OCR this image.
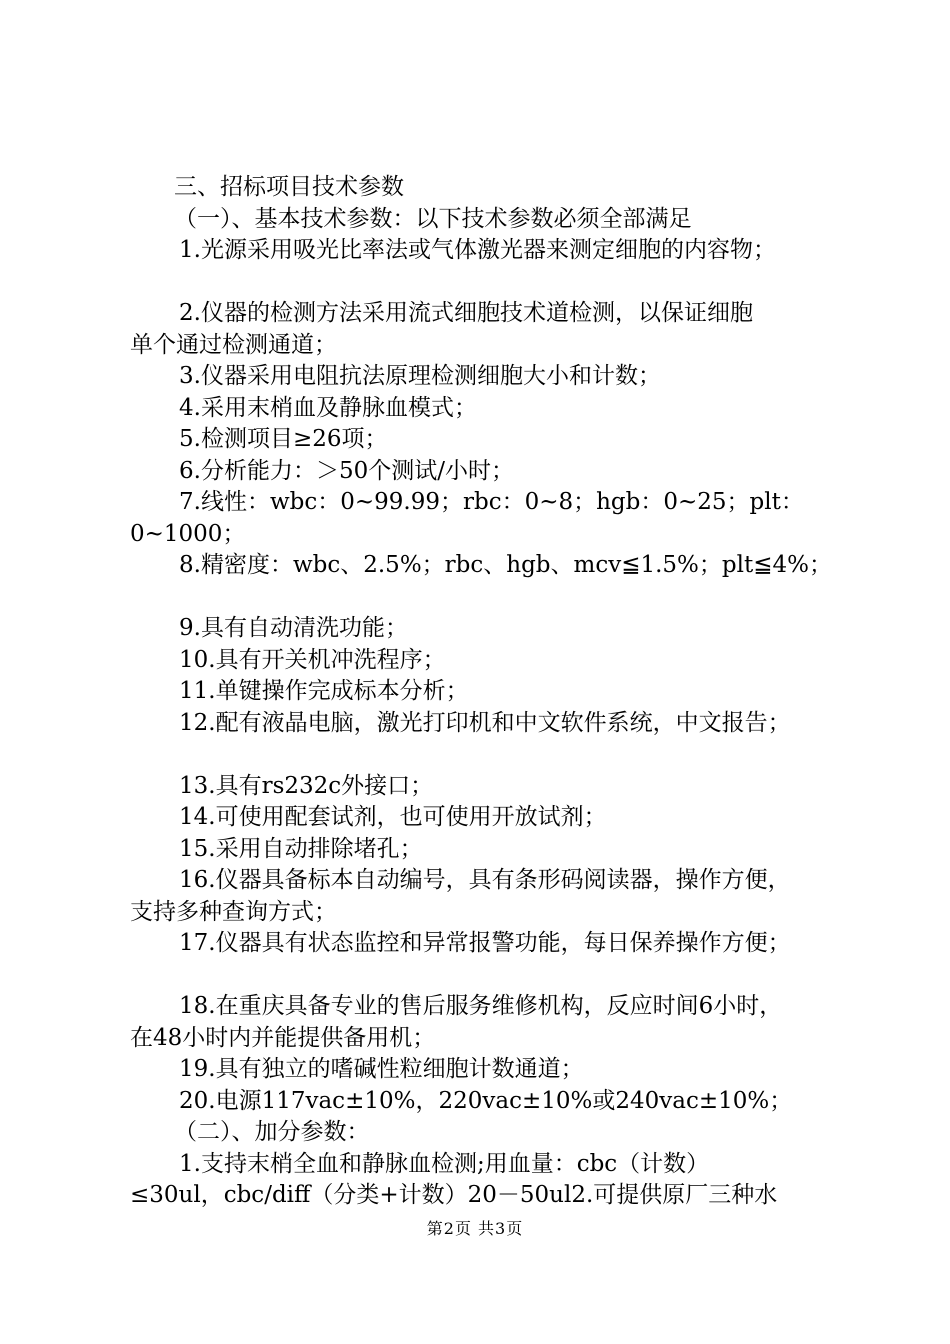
三、招标项目技术参数
（一）、基本技术参数：以下技术参数必须全部满足
1.光源采用吸光比率法或气体激光器来测定细胞的内容物；
2.仪器的检测方法采用流式细胞技术道检测，以保证细胞
单个通过检测通道；
3.仪器采用电阻抗法原理检测细胞大小和计数；
4.采用末梢血及静脉血模式；
5.检测项目≥26项；
6.分析能力：＞50个测试/小时；
7.线性：wbc：0~99.99；rbc：0~8；hgb：0~25；plt：
0~1000；
8.精密度：wbc、2.5%；rbc、hgb、mcv≦1.5%；plt≦4%；
9.具有自动清洗功能；
10.具有开关机冲洗程序；
11.单键操作完成标本分析；
12.配有液晶电脑，激光打印机和中文软件系统，中文报告；
13.具有rs232c外接口；
14.可使用配套试剂，也可使用开放试剂；
15.采用自动排除堵孔；
16.仪器具备标本自动编号，具有条形码阅读器，操作方便，
支持多种查询方式；
17.仪器具有状态监控和异常报警功能，每日保养操作方便；
18.在重庆具备专业的售后服务维修机构，反应时间6小时，
在48小时内并能提供备用机；
19.具有独立的嗜碱性粒细胞计数通道；
20.电源117vac±10%，220vac±10%或240vac±10%；
（二）、加分参数：
1.支持末梢全血和静脉血检测;用血量：cbc（计数）
≤30ul，cbc/diff（分类+计数）20－50ul2.可提供原厂三种水
第2页 共3页
